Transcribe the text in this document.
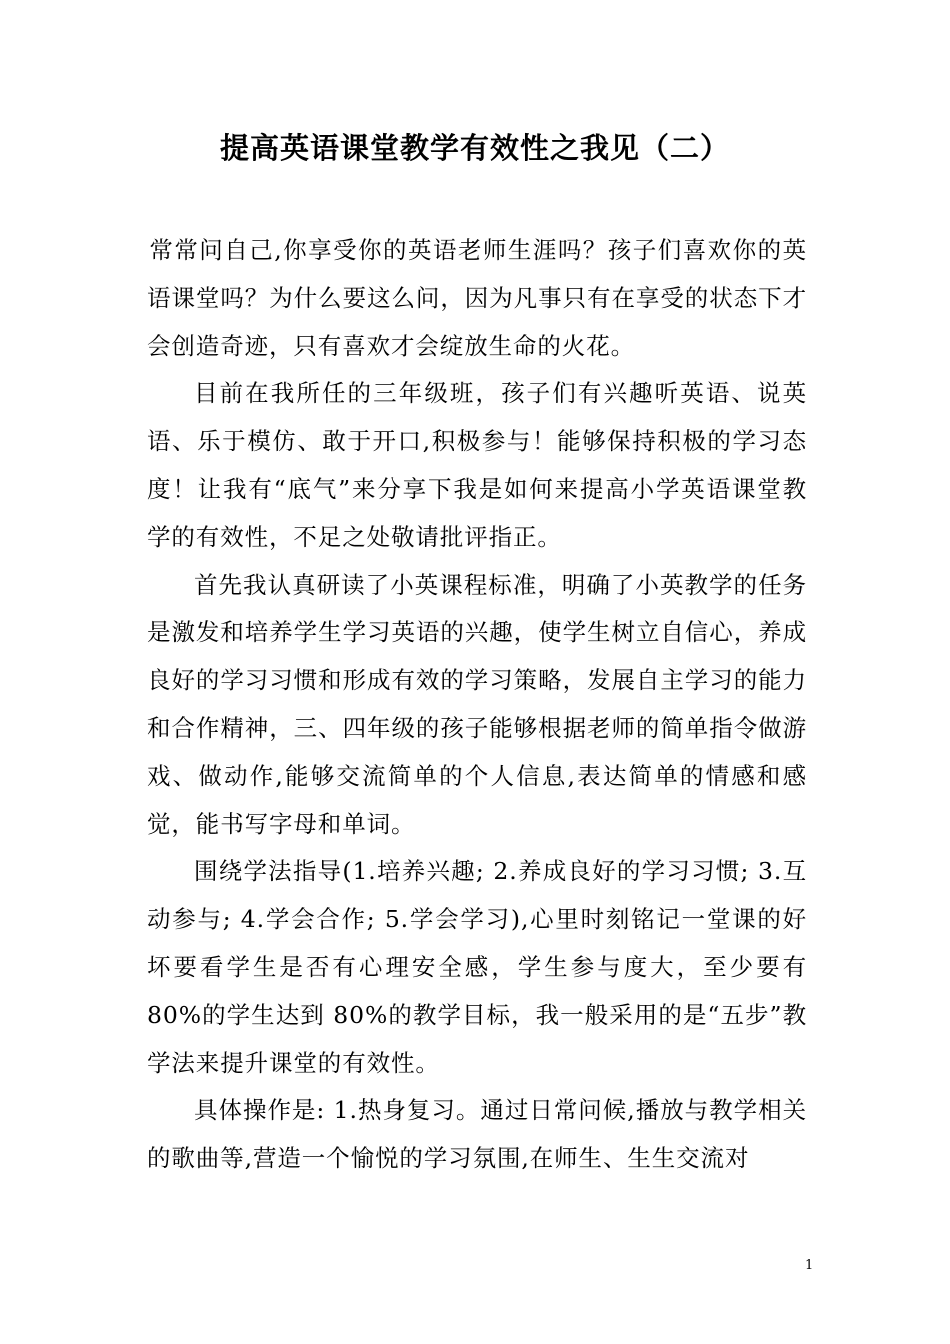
提高英语课堂教学有效性之我见（二）

常常问自己,你享受你的英语老师生涯吗？孩子们喜欢你的英语课堂吗？为什么要这么问，因为凡事只有在享受的状态下才会创造奇迹，只有喜欢才会绽放生命的火花。

目前在我所任的三年级班，孩子们有兴趣听英语、说英语、乐于模仿、敢于开口,积极参与！能够保持积极的学习态度！让我有“底气”来分享下我是如何来提高小学英语课堂教学的有效性，不足之处敬请批评指正。

首先我认真研读了小英课程标准，明确了小英教学的任务是激发和培养学生学习英语的兴趣，使学生树立自信心，养成良好的学习习惯和形成有效的学习策略，发展自主学习的能力和合作精神，三、四年级的孩子能够根据老师的简单指令做游戏、做动作,能够交流简单的个人信息,表达简单的情感和感觉，能书写字母和单词。

围绕学法指导(1.培养兴趣; 2.养成良好的学习习惯; 3.互动参与; 4.学会合作; 5.学会学习),心里时刻铭记一堂课的好坏要看学生是否有心理安全感，学生参与度大，至少要有 80%的学生达到 80%的教学目标，我一般采用的是“五步”教学法来提升课堂的有效性。

具体操作是: 1.热身复习。通过日常问候,播放与教学相关的歌曲等,营造一个愉悦的学习氛围,在师生、生生交流对

1
